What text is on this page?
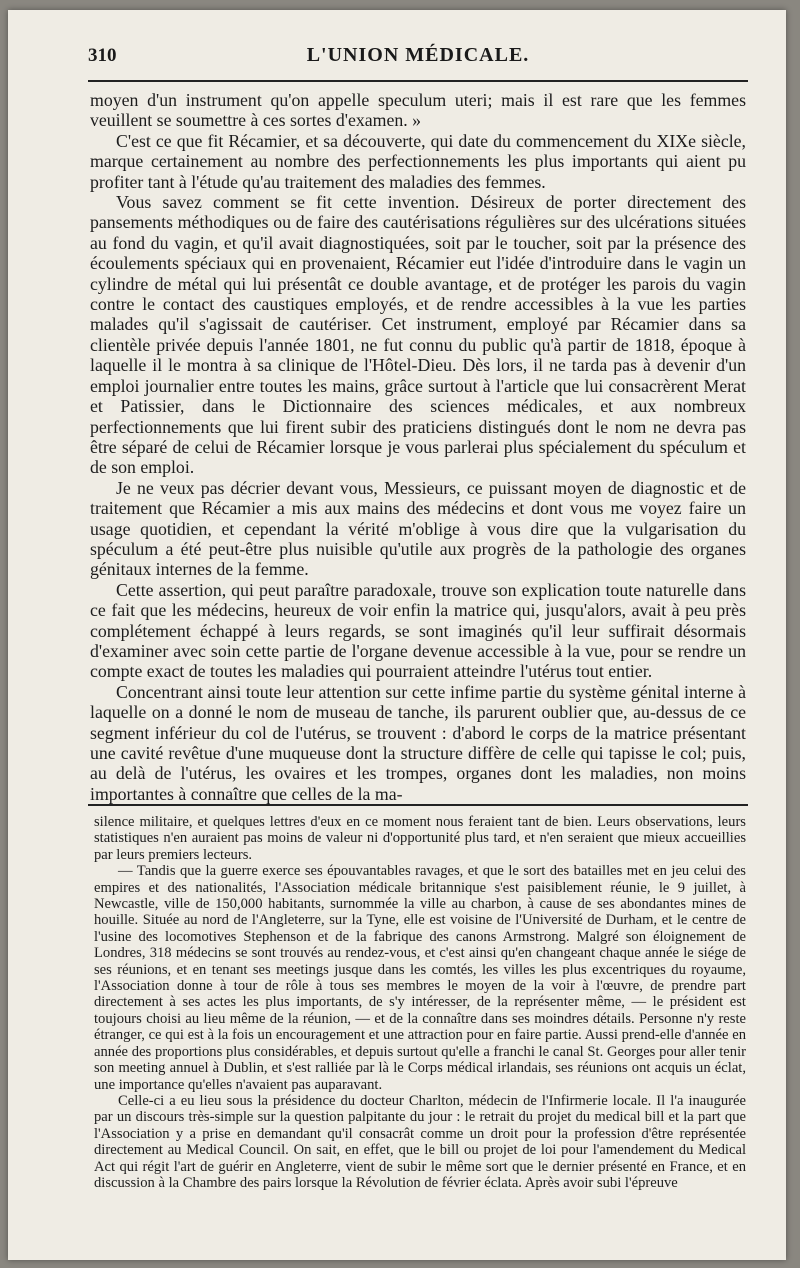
310	L'UNION MÉDICALE.

moyen d'un instrument qu'on appelle speculum uteri; mais il est rare que les femmes veuillent se soumettre à ces sortes d'examen. »

C'est ce que fit Récamier, et sa découverte, qui date du commencement du XIXe siècle, marque certainement au nombre des perfectionnements les plus importants qui aient pu profiter tant à l'étude qu'au traitement des maladies des femmes.

Vous savez comment se fit cette invention. Désireux de porter directement des pansements méthodiques ou de faire des cautérisations régulières sur des ulcérations situées au fond du vagin, et qu'il avait diagnostiquées, soit par le toucher, soit par la présence des écoulements spéciaux qui en provenaient, Récamier eut l'idée d'introduire dans le vagin un cylindre de métal qui lui présentât ce double avantage, et de protéger les parois du vagin contre le contact des caustiques employés, et de rendre accessibles à la vue les parties malades qu'il s'agissait de cautériser. Cet instrument, employé par Récamier dans sa clientèle privée depuis l'année 1801, ne fut connu du public qu'à partir de 1818, époque à laquelle il le montra à sa clinique de l'Hôtel-Dieu. Dès lors, il ne tarda pas à devenir d'un emploi journalier entre toutes les mains, grâce surtout à l'article que lui consacrèrent Merat et Patissier, dans le Dictionnaire des sciences médicales, et aux nombreux perfectionnements que lui firent subir des praticiens distingués dont le nom ne devra pas être séparé de celui de Récamier lorsque je vous parlerai plus spécialement du spéculum et de son emploi.

Je ne veux pas décrier devant vous, Messieurs, ce puissant moyen de diagnostic et de traitement que Récamier a mis aux mains des médecins et dont vous me voyez faire un usage quotidien, et cependant la vérité m'oblige à vous dire que la vulgarisation du spéculum a été peut-être plus nuisible qu'utile aux progrès de la pathologie des organes génitaux internes de la femme.

Cette assertion, qui peut paraître paradoxale, trouve son explication toute naturelle dans ce fait que les médecins, heureux de voir enfin la matrice qui, jusqu'alors, avait à peu près complétement échappé à leurs regards, se sont imaginés qu'il leur suffirait désormais d'examiner avec soin cette partie de l'organe devenue accessible à la vue, pour se rendre un compte exact de toutes les maladies qui pourraient atteindre l'utérus tout entier.

Concentrant ainsi toute leur attention sur cette infime partie du système génital interne à laquelle on a donné le nom de museau de tanche, ils parurent oublier que, au-dessus de ce segment inférieur du col de l'utérus, se trouvent : d'abord le corps de la matrice présentant une cavité revêtue d'une muqueuse dont la structure diffère de celle qui tapisse le col; puis, au delà de l'utérus, les ovaires et les trompes, organes dont les maladies, non moins importantes à connaître que celles de la ma-

silence militaire, et quelques lettres d'eux en ce moment nous feraient tant de bien. Leurs observations, leurs statistiques n'en auraient pas moins de valeur ni d'opportunité plus tard, et n'en seraient que mieux accueillies par leurs premiers lecteurs.

— Tandis que la guerre exerce ses épouvantables ravages, et que le sort des batailles met en jeu celui des empires et des nationalités, l'Association médicale britannique s'est paisiblement réunie, le 9 juillet, à Newcastle, ville de 150,000 habitants, surnommée la ville au charbon, à cause de ses abondantes mines de houille. Située au nord de l'Angleterre, sur la Tyne, elle est voisine de l'Université de Durham, et le centre de l'usine des locomotives Stephenson et de la fabrique des canons Armstrong. Malgré son éloignement de Londres, 318 médecins se sont trouvés au rendez-vous, et c'est ainsi qu'en changeant chaque année le siége de ses réunions, et en tenant ses meetings jusque dans les comtés, les villes les plus excentriques du royaume, l'Association donne à tour de rôle à tous ses membres le moyen de la voir à l'œuvre, de prendre part directement à ses actes les plus importants, de s'y intéresser, de la représenter même, — le président est toujours choisi au lieu même de la réunion, — et de la connaître dans ses moindres détails. Personne n'y reste étranger, ce qui est à la fois un encouragement et une attraction pour en faire partie. Aussi prend-elle d'année en année des proportions plus considérables, et depuis surtout qu'elle a franchi le canal St. Georges pour aller tenir son meeting annuel à Dublin, et s'est ralliée par là le Corps médical irlandais, ses réunions ont acquis un éclat, une importance qu'elles n'avaient pas auparavant.

Celle-ci a eu lieu sous la présidence du docteur Charlton, médecin de l'Infirmerie locale. Il l'a inaugurée par un discours très-simple sur la question palpitante du jour : le retrait du projet du medical bill et la part que l'Association y a prise en demandant qu'il consacrât comme un droit pour la profession d'être représentée directement au Medical Council. On sait, en effet, que le bill ou projet de loi pour l'amendement du Medical Act qui régit l'art de guérir en Angleterre, vient de subir le même sort que le dernier présenté en France, et en discussion à la Chambre des pairs lorsque la Révolution de février éclata. Après avoir subi l'épreuve
